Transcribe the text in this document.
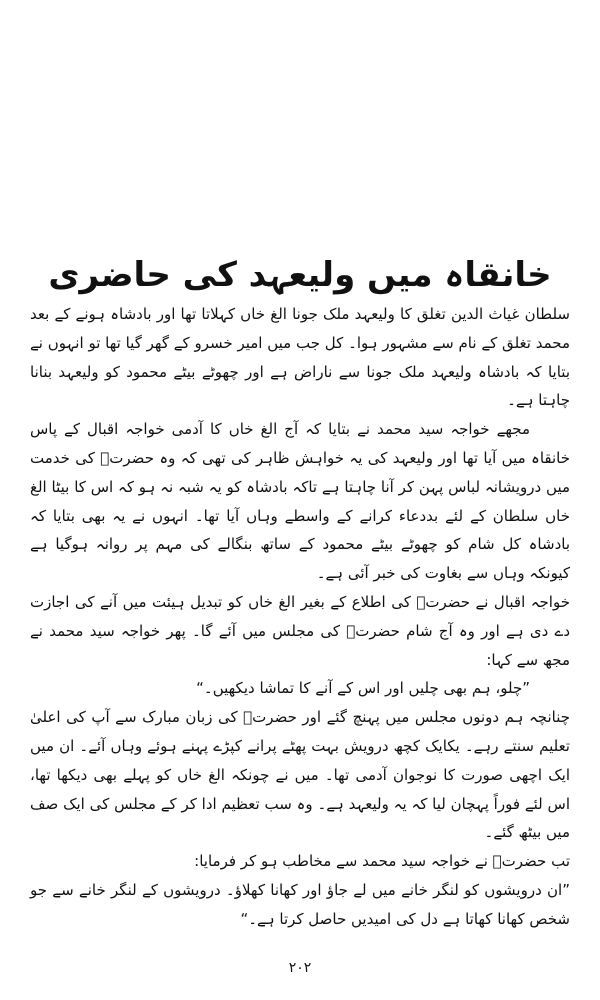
خانقاہ میں ولیعہد کی حاضری

سلطان غیاث الدین تغلق کا ولیعہد ملک جونا الغ خاں کہلاتا تھا اور بادشاہ ہونے کے بعد محمد تغلق کے نام سے مشہور ہوا۔ کل جب میں امیر خسرو کے گھر گیا تھا تو انہوں نے بتایا کہ بادشاہ ولیعہد ملک جونا سے ناراض ہے اور چھوٹے بیٹے محمود کو ولیعہد بنانا چاہتا ہے۔

مجھے خواجہ سید محمد نے بتایا کہ آج الغ خاں کا آدمی خواجہ اقبال کے پاس خانقاہ میں آیا تھا اور ولیعہد کی یہ خواہش ظاہر کی تھی کہ وہ حضرتؒ کی خدمت میں درویشانہ لباس پہن کر آنا چاہتا ہے تاکہ بادشاہ کو یہ شبہ نہ ہو کہ اس کا بیٹا الغ خاں سلطان کے لئے بددعاء کرانے کے واسطے وہاں آیا تھا۔ انہوں نے یہ بھی بتایا کہ بادشاہ کل شام کو چھوٹے بیٹے محمود کے ساتھ بنگالے کی مہم پر روانہ ہوگیا ہے کیونکہ وہاں سے بغاوت کی خبر آئی ہے۔

خواجہ اقبال نے حضرتؒ کی اطلاع کے بغیر الغ خاں کو تبدیل ہیئت میں آنے کی اجازت دے دی ہے اور وہ آج شام حضرتؒ کی مجلس میں آئے گا۔ پھر خواجہ سید محمد نے مجھ سے کہا:

”چلو، ہم بھی چلیں اور اس کے آنے کا تماشا دیکھیں۔“

چنانچہ ہم دونوں مجلس میں پہنچ گئے اور حضرتؒ کی زبان مبارک سے آپ کی اعلیٰ تعلیم سنتے رہے۔ یکایک کچھ درویش بہت پھٹے پرانے کپڑے پہنے ہوئے وہاں آئے۔ ان میں ایک اچھی صورت کا نوجوان آدمی تھا۔ میں نے چونکہ الغ خاں کو پہلے بھی دیکھا تھا، اس لئے فوراً پہچان لیا کہ یہ ولیعہد ہے۔ وہ سب تعظیم ادا کر کے مجلس کی ایک صف میں بیٹھ گئے۔

تب حضرتؒ نے خواجہ سید محمد سے مخاطب ہو کر فرمایا:

”ان درویشوں کو لنگر خانے میں لے جاؤ اور کھانا کھلاؤ۔ درویشوں کے لنگر خانے سے جو شخص کھانا کھاتا ہے دل کی امیدیں حاصل کرتا ہے۔“

۲۰۲
